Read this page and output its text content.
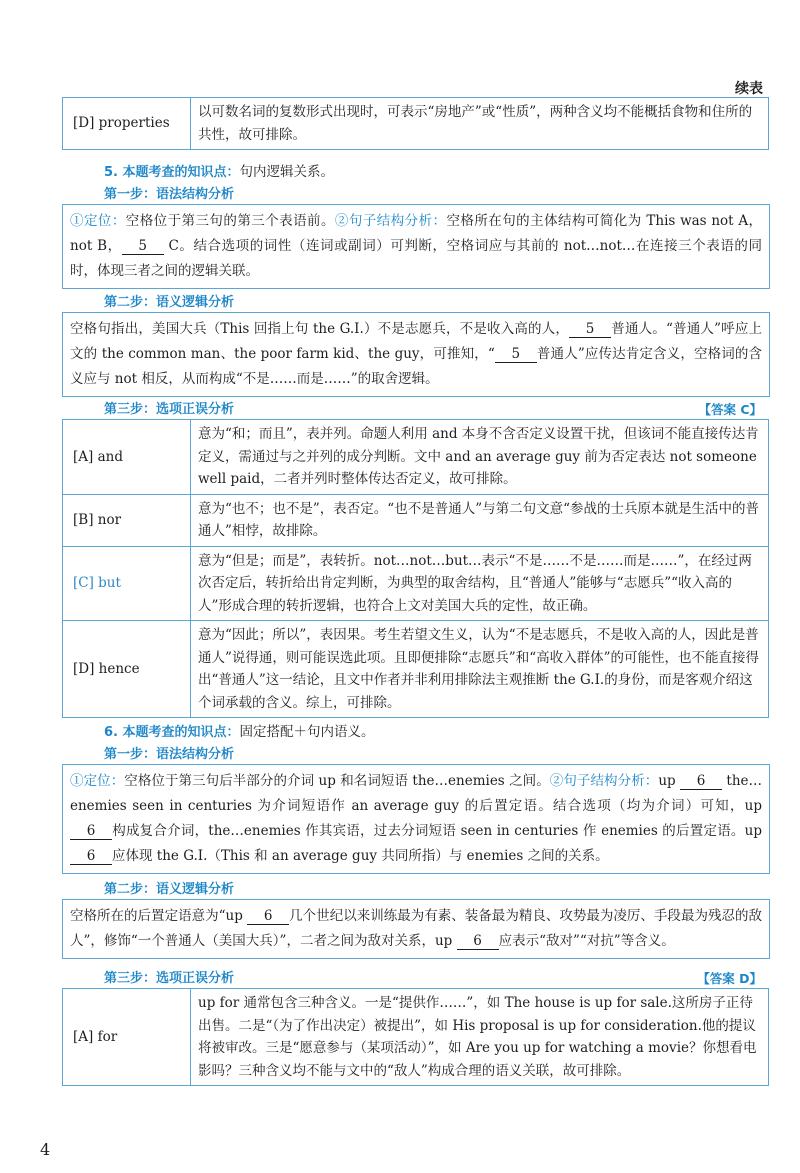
续表
[D] properties	以可数名词的复数形式出现时，可表示“房地产”或“性质”，两种含义均不能概括食物和住所的共性，故可排除。
5. 本题考查的知识点：句内逻辑关系。
第一步：语法结构分析
①定位：空格位于第三句的第三个表语前。②句子结构分析：空格所在句的主体结构可简化为 This was not A，not B， 5 C。结合选项的词性（连词或副词）可判断，空格词应与其前的 not…not…在连接三个表语的同时，体现三者之间的逻辑关联。
第二步：语义逻辑分析
空格句指出，美国大兵（This 回指上句 the G.I.）不是志愿兵，不是收入高的人， 5 普通人。“普通人”呼应上文的 the common man、the poor farm kid、the guy，可推知，“ 5 普通人”应传达肯定含义，空格词的含义应与 not 相反，从而构成“不是……而是……”的取舍逻辑。
第三步：选项正误分析	【答案 C】
[A] and	意为“和；而且”，表并列。命题人利用 and 本身不含否定义设置干扰，但该词不能直接传达肯定义，需通过与之并列的成分判断。文中 and an average guy 前为否定表达 not someone well paid，二者并列时整体传达否定义，故可排除。
[B] nor	意为“也不；也不是”，表否定。“也不是普通人”与第二句文意“参战的士兵原本就是生活中的普通人”相悖，故排除。
[C] but	意为“但是；而是”，表转折。not…not…but…表示“不是……不是……而是……”，在经过两次否定后，转折给出肯定判断，为典型的取舍结构，且“普通人”能够与“志愿兵”“收入高的人”形成合理的转折逻辑，也符合上文对美国大兵的定性，故正确。
[D] hence	意为“因此；所以”，表因果。考生若望文生义，认为“不是志愿兵，不是收入高的人，因此是普通人”说得通，则可能误选此项。且即便排除“志愿兵”和“高收入群体”的可能性，也不能直接得出“普通人”这一结论，且文中作者并非利用排除法主观推断 the G.I.的身份，而是客观介绍这个词承载的含义。综上，可排除。
6. 本题考查的知识点：固定搭配＋句内语义。
第一步：语法结构分析
①定位：空格位于第三句后半部分的介词 up 和名词短语 the…enemies 之间。②句子结构分析：up 6 the…enemies seen in centuries 为介词短语作 an average guy 的后置定语。结合选项（均为介词）可知，up 6 构成复合介词，the…enemies 作其宾语，过去分词短语 seen in centuries 作 enemies 的后置定语。up 6 应体现 the G.I.（This 和 an average guy 共同所指）与 enemies 之间的关系。
第二步：语义逻辑分析
空格所在的后置定语意为“up 6 几个世纪以来训练最为有素、装备最为精良、攻势最为凌厉、手段最为残忍的敌人”，修饰“一个普通人（美国大兵）”，二者之间为敌对关系，up 6 应表示“敌对”“对抗”等含义。
第三步：选项正误分析	【答案 D】
[A] for	up for 通常包含三种含义。一是“提供作……”，如 The house is up for sale.这所房子正待出售。二是“（为了作出决定）被提出”，如 His proposal is up for consideration.他的提议将被审改。三是“愿意参与（某项活动）”，如 Are you up for watching a movie？你想看电影吗？三种含义均不能与文中的“敌人”构成合理的语义关联，故可排除。
4
